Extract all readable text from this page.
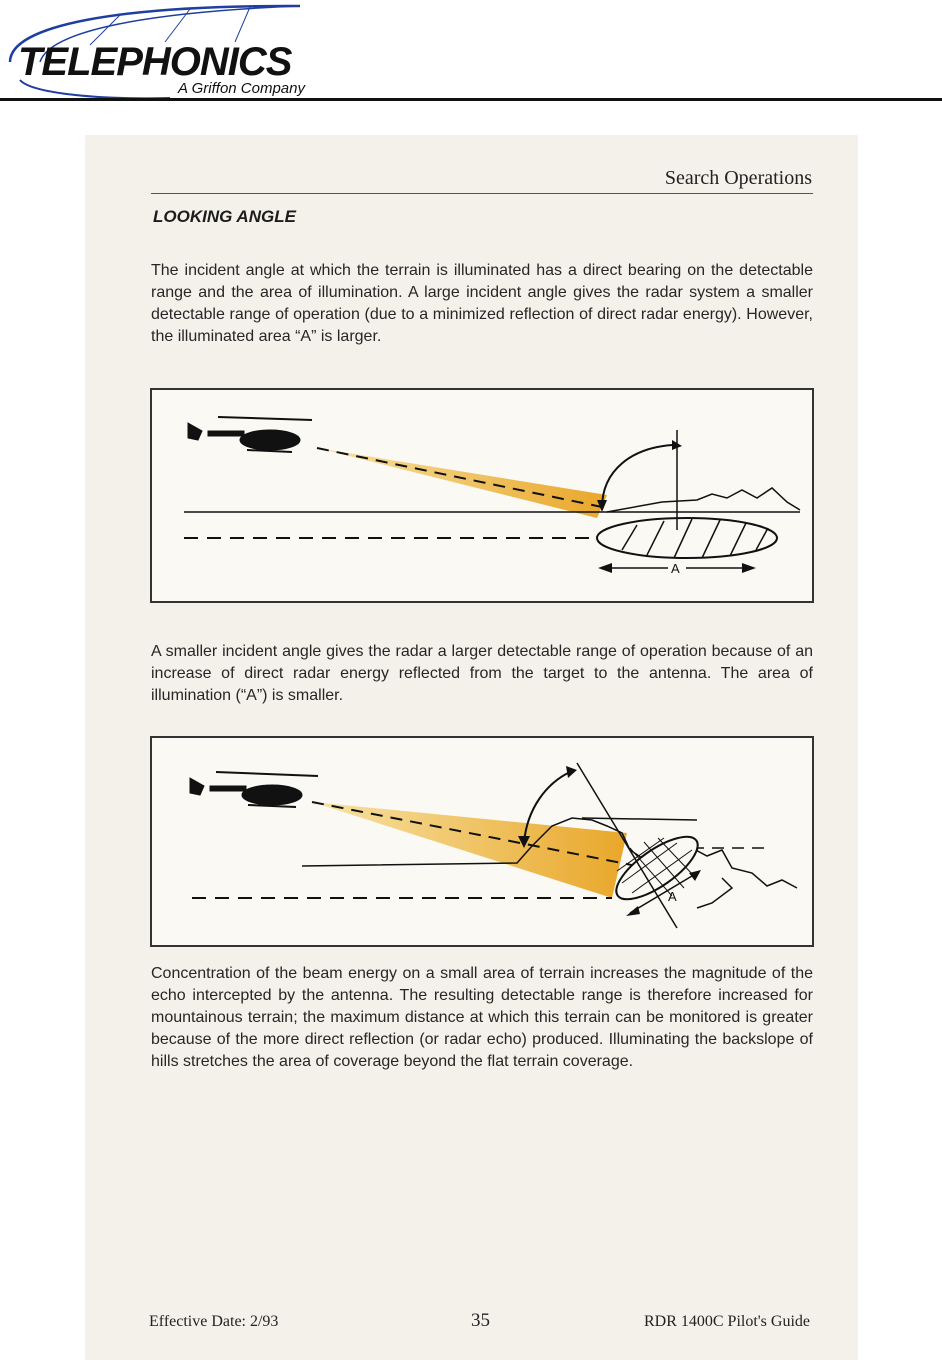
TELEPHONICS
A Griffon Company
Search Operations
LOOKING ANGLE

The incident angle at which the terrain is illuminated has a direct bearing on the detectable range and the area of illumination. A large incident angle gives the radar system a smaller detectable range of operation (due to a minimized reflection of direct radar energy). However, the illuminated area “A” is larger.

A

A smaller incident angle gives the radar a larger detectable range of operation because of an increase of direct radar energy reflected from the target to the antenna. The area of illumination (“A”) is smaller.

A

Concentration of the beam energy on a small area of terrain increases the magnitude of the echo intercepted by the antenna. The resulting detectable range is therefore increased for mountainous terrain; the maximum distance at which this terrain can be monitored is greater because of the more direct reflection (or radar echo) produced. Illuminating the backslope of hills stretches the area of coverage beyond the flat terrain coverage.

Effective Date: 2/93	35	RDR 1400C Pilot's Guide
